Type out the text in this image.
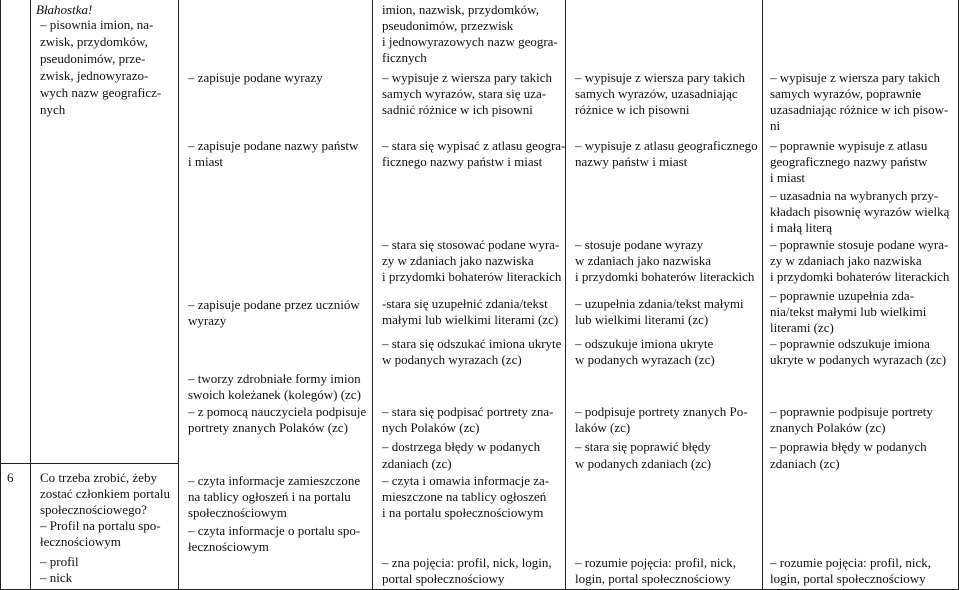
Błahostka!
– pisownia imion, na-
zwisk, przydomków,
pseudonimów, prze-
zwisk, jednowyrazo-
wych nazw geograficz-
nych
6 Co trzeba zrobić, żeby
zostać członkiem portalu
społecznościowego?
– Profil na portalu spo-
łecznościowym
– profil
– nick
– zapisuje podane wyrazy
– zapisuje podane nazwy państw
i miast
– zapisuje podane przez uczniów
wyrazy
– tworzy zdrobniałe formy imion
swoich koleżanek (kolegów) (zc)
– z pomocą nauczyciela podpisuje
portrety znanych Polaków (zc)
– czyta informacje zamieszczone
na tablicy ogłoszeń i na portalu
społecznościowym
– czyta informacje o portalu spo-
łecznościowym
imion, nazwisk, przydomków,
pseudonimów, przezwisk
i jednowyrazowych nazw geogra-
ficznych
– wypisuje z wiersza pary takich
samych wyrazów, stara się uza-
sadnić różnice w ich pisowni
– stara się wypisać z atlasu geogra-
ficznego nazwy państw i miast
– stara się stosować podane wyra-
zy w zdaniach jako nazwiska
i przydomki bohaterów literackich
-stara się uzupełnić zdania/tekst
małymi lub wielkimi literami (zc)
– stara się odszukać imiona ukryte
w podanych wyrazach (zc)
– stara się podpisać portrety zna-
nych Polaków (zc)
– dostrzega błędy w podanych
zdaniach (zc)
– czyta i omawia informacje za-
mieszczone na tablicy ogłoszeń
i na portalu społecznościowym
– zna pojęcia: profil, nick, login,
portal społecznościowy
– wypisuje z wiersza pary takich
samych wyrazów, uzasadniając
różnice w ich pisowni
– wypisuje z atlasu geograficznego
nazwy państw i miast
– stosuje podane wyrazy
w zdaniach jako nazwiska
i przydomki bohaterów literackich
– uzupełnia zdania/tekst małymi
lub wielkimi literami (zc)
– odszukuje imiona ukryte
w podanych wyrazach (zc)
– podpisuje portrety znanych Po-
laków (zc)
– stara się poprawić błędy
w podanych zdaniach (zc)
– rozumie pojęcia: profil, nick,
login, portal społecznościowy
– wypisuje z wiersza pary takich
samych wyrazów, poprawnie
uzasadniając różnice w ich pisow-
ni
– poprawnie wypisuje z atlasu
geograficznego nazwy państw
i miast
– uzasadnia na wybranych przy-
kładach pisownię wyrazów wielką
i małą literą
– poprawnie stosuje podane wyra-
zy w zdaniach jako nazwiska
i przydomki bohaterów literackich
– poprawnie uzupełnia zda-
nia/tekst małymi lub wielkimi
literami (zc)
– poprawnie odszukuje imiona
ukryte w podanych wyrazach (zc)
– poprawnie podpisuje portrety
znanych Polaków (zc)
– poprawia błędy w podanych
zdaniach (zc)
– rozumie pojęcia: profil, nick,
login, portal społecznościowy
